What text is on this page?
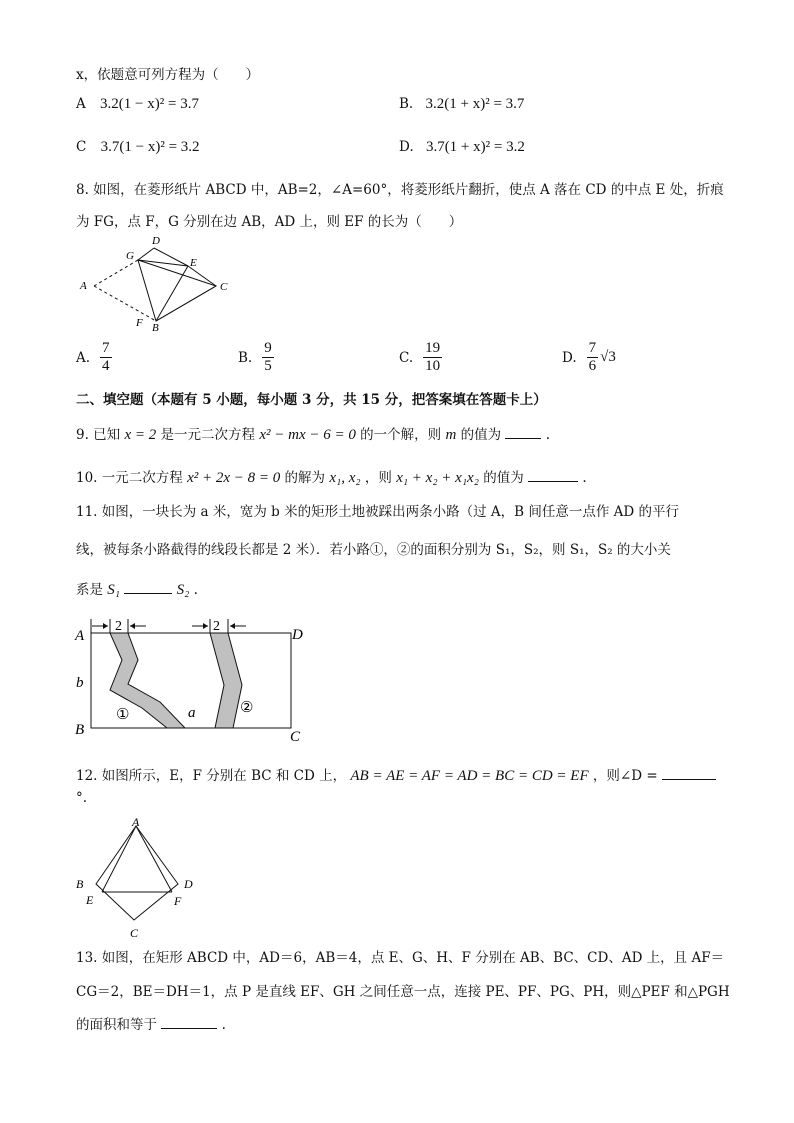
x，依题意可列方程为（　　）
A 3.2(1 − x)² = 3.7	B. 3.2(1 + x)² = 3.7
C 3.7(1 − x)² = 3.2	D. 3.7(1 + x)² = 3.2
8. 如图，在菱形纸片 ABCD 中，AB=2，∠A=60°，将菱形纸片翻折，使点 A 落在 CD 的中点 E 处，折痕
为 FG，点 F，G 分别在边 AB，AD 上，则 EF 的长为（　　）
A
B
C
D
E
F
G
A. $\frac{7}{4}$	B. $\frac{9}{5}$	C. $\frac{19}{10}$	D. $\frac{7}{6} √3$
二、填空题（本题有 5 小题，每小题 3 分，共 15 分，把答案填在答题卡上）
9. 已知 x = 2 是一元二次方程 x² − mx − 6 = 0 的一个解，则 m 的值为	.
10. 一元二次方程 x² + 2x − 8 = 0 的解为 x₁, x₂ ，则 x₁ + x₂ + x₁x₂ 的值为	.
11. 如图，一块长为 a 米，宽为 b 米的矩形土地被踩出两条小路（过 A，B 间任意一点作 AD 的平行
线，被每条小路截得的线段长都是 2 米）．若小路①，②的面积分别为 S₁，S₂，则 S₁，S₂ 的大小关
系是 S₁	S₂ .
2	2
A
B	C
D
b
a
①	②
12. 如图所示，E，F 分别在 BC 和 CD 上， AB = AE = AF = AD = BC = CD = EF ，则∠D =
°.
A
B
C
D
E	F
13. 如图，在矩形 ABCD 中，AD＝6，AB＝4，点 E、G、H、F 分别在 AB、BC、CD、AD 上，且 AF＝
CG＝2，BE＝DH＝1，点 P 是直线 EF、GH 之间任意一点，连接 PE、PF、PG、PH，则△PEF 和△PGH
的面积和等于	.
